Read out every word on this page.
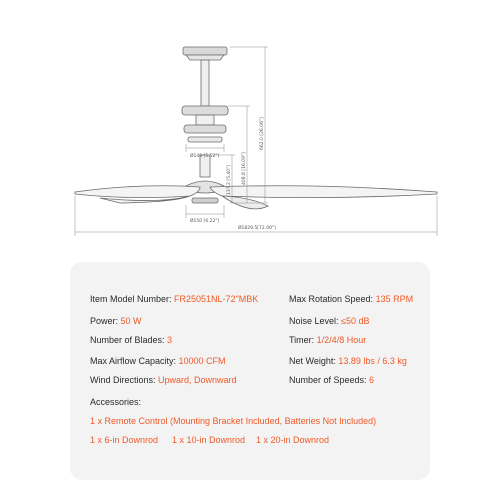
Ø140 [5.52"]
Ø150 [6.22"]
Ø1829.5[72.00"]
137.2 [5.40"] 408.8 [16.09"]
662.0 [26.06"]
Item Model Number: FR25051NL-72"MBK
Power: 50 W
Number of Blades: 3
Max Airflow Capacity: 10000 CFM
Wind Directions: Upward, Downward
Max Rotation Speed: 135 RPM
Noise Level: ≤50 dB
Timer: 1/2/4/8 Hour
Net Weight: 13.89 lbs / 6.3 kg
Number of Speeds: 6
Accessories:
1 x Remote Control (Mounting Bracket Included, Batteries Not Included)
1 x 6-in Downrod 1 x 10-in Downrod 1 x 20-in Downrod
